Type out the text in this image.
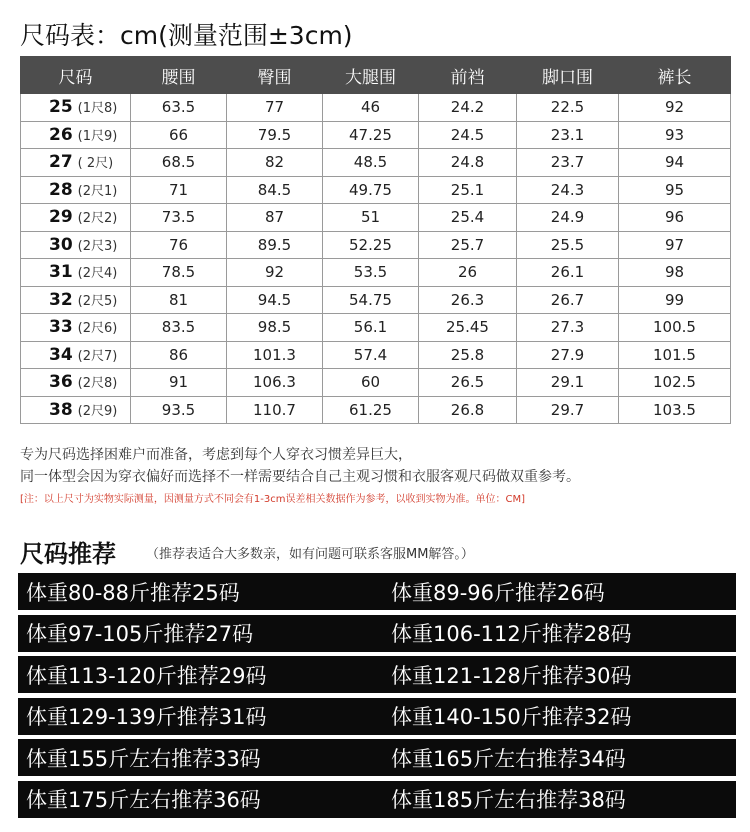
尺码表：cm(测量范围±3cm)
尺码	腰围	臀围	大腿围	前裆	脚口围	裤长
25 (1尺8)	63.5	77	46	24.2	22.5	92
26 (1尺9)	66	79.5	47.25	24.5	23.1	93
27 ( 2尺)	68.5	82	48.5	24.8	23.7	94
28 (2尺1)	71	84.5	49.75	25.1	24.3	95
29 (2尺2)	73.5	87	51	25.4	24.9	96
30 (2尺3)	76	89.5	52.25	25.7	25.5	97
31 (2尺4)	78.5	92	53.5	26	26.1	98
32 (2尺5)	81	94.5	54.75	26.3	26.7	99
33 (2尺6)	83.5	98.5	56.1	25.45	27.3	100.5
34 (2尺7)	86	101.3	57.4	25.8	27.9	101.5
36 (2尺8)	91	106.3	60	26.5	29.1	102.5
38 (2尺9)	93.5	110.7	61.25	26.8	29.7	103.5
专为尺码选择困难户而准备，考虑到每个人穿衣习惯差异巨大，
同一体型会因为穿衣偏好而选择不一样需要结合自己主观习惯和衣服客观尺码做双重参考。
[注：以上尺寸为实物实际测量，因测量方式不同会有1-3cm误差相关数据作为参考，以收到实物为准。单位：CM]
尺码推荐 （推荐表适合大多数亲，如有问题可联系客服MM解答。）
体重80-88斤推荐25码	体重89-96斤推荐26码
体重97-105斤推荐27码	体重106-112斤推荐28码
体重113-120斤推荐29码	体重121-128斤推荐30码
体重129-139斤推荐31码	体重140-150斤推荐32码
体重155斤左右推荐33码	体重165斤左右推荐34码
体重175斤左右推荐36码	体重185斤左右推荐38码
